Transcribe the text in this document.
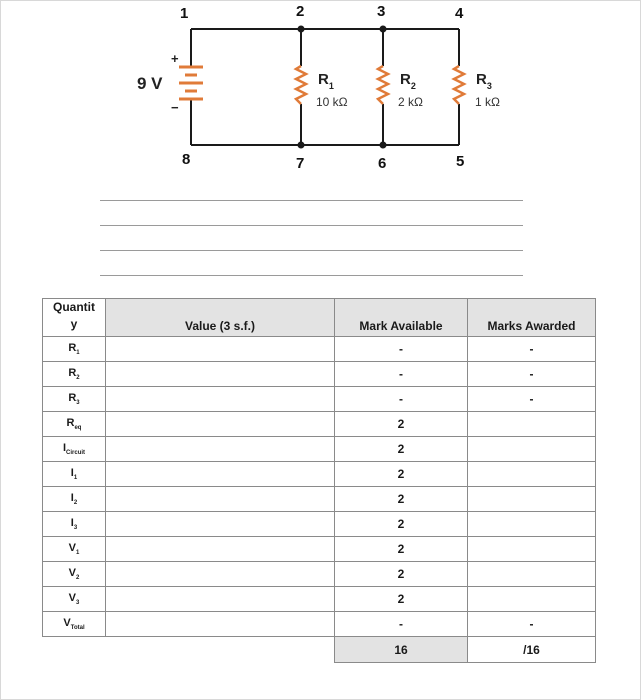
9 V
+
−
$R_1$
10 kΩ
$R_2$
2 kΩ
$R_3$
1 kΩ
1	2	3	4
5
6
7
8
Quantit
y	Value (3 s.f.)	Mark Available	Marks Awarded
$R_1$		-	-
$R_2$		-	-
$R_3$		-	-
$R_{eq}$		2	
$I_{Circuit}$		2	
$I_1$		2	
$I_2$		2	
$I_3$		2	
$V_1$		2	
$V_2$		2	
$V_3$		2	
$V_{Total}$		-	-
		16	/16
